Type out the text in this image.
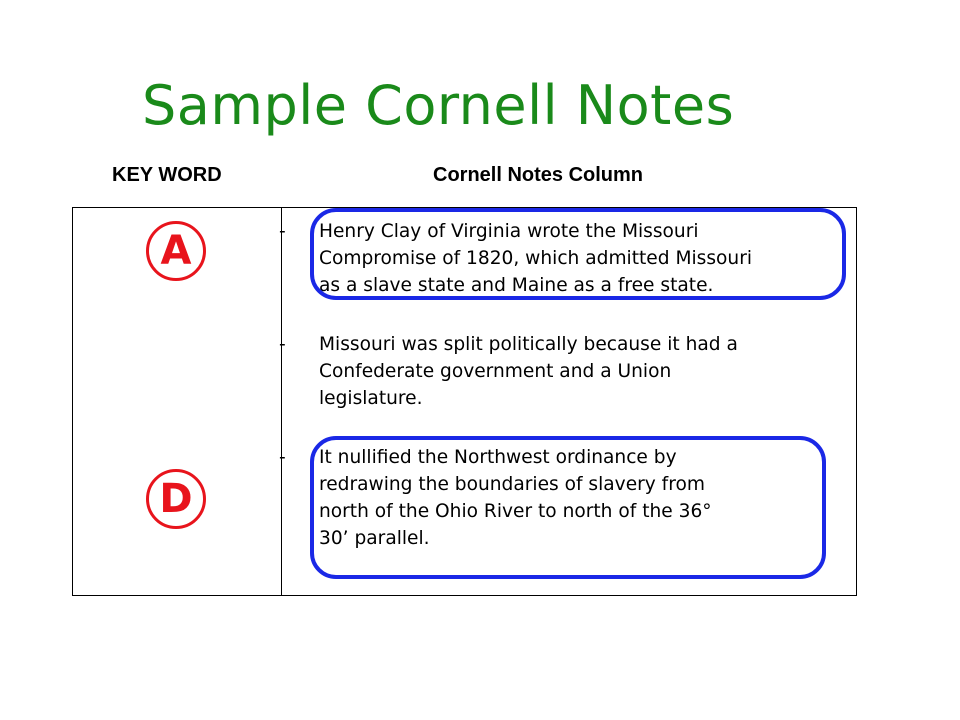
Sample Cornell Notes
KEY WORD	Cornell Notes Column
A
D
- Henry Clay of Virginia wrote the Missouri
Compromise of 1820, which admitted Missouri
as a slave state and Maine as a free state.
- Missouri was split politically because it had a
Confederate government and a Union
legislature.
- It nullified the Northwest ordinance by
redrawing the boundaries of slavery from
north of the Ohio River to north of the 36°
30’ parallel.
